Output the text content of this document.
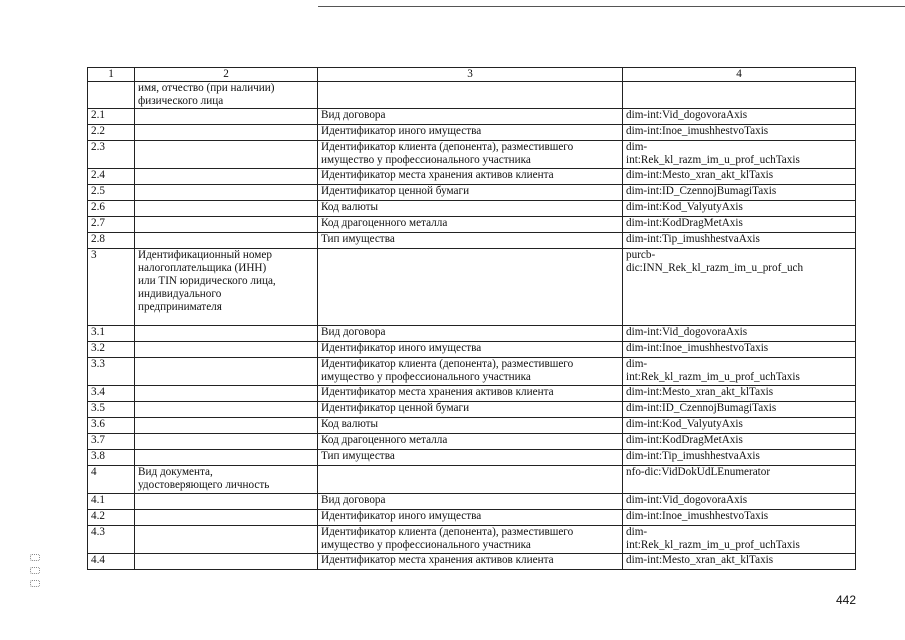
1	2	3	4
	имя, отчество (при наличии)
физического лица		
2.1		Вид договора	dim-int:Vid_dogovoraAxis
2.2		Идентификатор иного имущества	dim-int:Inoe_imushhestvoTaxis
2.3		Идентификатор клиента (депонента), разместившего
имущество у профессионального участника	dim-
int:Rek_kl_razm_im_u_prof_uchTaxis
2.4		Идентификатор места хранения активов клиента	dim-int:Mesto_xran_akt_klTaxis
2.5		Идентификатор ценной бумаги	dim-int:ID_CzennojBumagiTaxis
2.6		Код валюты	dim-int:Kod_ValyutyAxis
2.7		Код драгоценного металла	dim-int:KodDragMetAxis
2.8		Тип имущества	dim-int:Tip_imushhestvaAxis
3	Идентификационный номер
налогоплательщика (ИНН)
или TIN юридического лица,
индивидуального
предпринимателя		purcb-
dic:INN_Rek_kl_razm_im_u_prof_uch
3.1		Вид договора	dim-int:Vid_dogovoraAxis
3.2		Идентификатор иного имущества	dim-int:Inoe_imushhestvoTaxis
3.3		Идентификатор клиента (депонента), разместившего
имущество у профессионального участника	dim-
int:Rek_kl_razm_im_u_prof_uchTaxis
3.4		Идентификатор места хранения активов клиента	dim-int:Mesto_xran_akt_klTaxis
3.5		Идентификатор ценной бумаги	dim-int:ID_CzennojBumagiTaxis
3.6		Код валюты	dim-int:Kod_ValyutyAxis
3.7		Код драгоценного металла	dim-int:KodDragMetAxis
3.8		Тип имущества	dim-int:Tip_imushhestvaAxis
4	Вид документа,
удостоверяющего личность		nfo-dic:VidDokUdLEnumerator
4.1		Вид договора	dim-int:Vid_dogovoraAxis
4.2		Идентификатор иного имущества	dim-int:Inoe_imushhestvoTaxis
4.3		Идентификатор клиента (депонента), разместившего
имущество у профессионального участника	dim-
int:Rek_kl_razm_im_u_prof_uchTaxis
4.4		Идентификатор места хранения активов клиента	dim-int:Mesto_xran_akt_klTaxis
442
